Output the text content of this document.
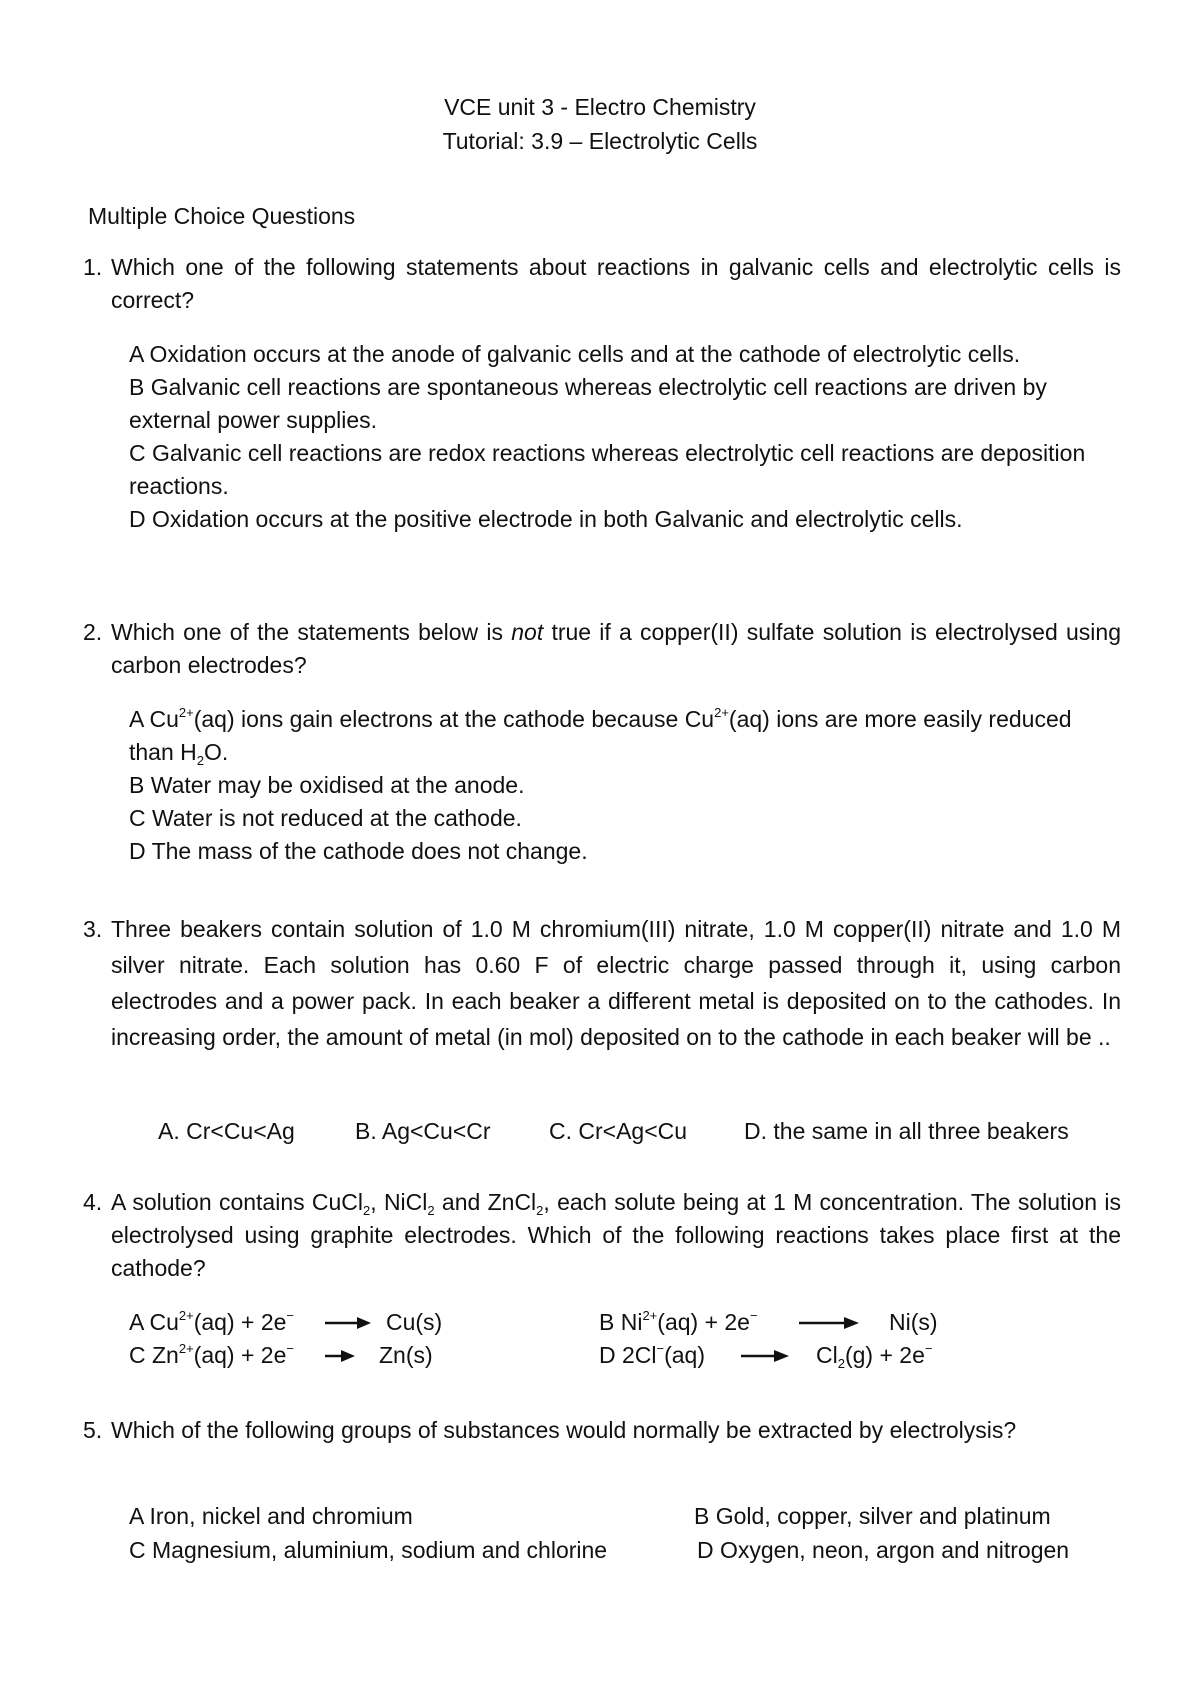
VCE unit 3 - Electro Chemistry
Tutorial: 3.9 – Electrolytic Cells
Multiple Choice Questions
1. Which one of the following statements about reactions in galvanic cells and electrolytic cells is correct?

A Oxidation occurs at the anode of galvanic cells and at the cathode of electrolytic cells.

B Galvanic cell reactions are spontaneous whereas electrolytic cell reactions are driven by external power supplies.

C Galvanic cell reactions are redox reactions whereas electrolytic cell reactions are deposition reactions.

D Oxidation occurs at the positive electrode in both Galvanic and electrolytic cells.

2. Which one of the statements below is not true if a copper(II) sulfate solution is electrolysed using carbon electrodes?

A $Cu^{2+}(aq)$ ions gain electrons at the cathode because $Cu^{2+}(aq)$ ions are more easily reduced than $H_2O$.

B Water may be oxidised at the anode.

C Water is not reduced at the cathode.

D The mass of the cathode does not change.

3. Three beakers contain solution of 1.0 M chromium(III) nitrate, 1.0 M copper(II) nitrate and 1.0 M silver nitrate. Each solution has 0.60 F of electric charge passed through it, using carbon electrodes and a power pack. In each beaker a different metal is deposited on to the cathodes. In increasing order, the amount of metal (in mol) deposited on to the cathode in each beaker will be ..
A. Cr<Cu<Ag	B. Ag<Cu<Cr	C. Cr<Ag<Cu D. the same in all three beakers
4. A solution contains CuCl$_2$, NiCl$_2$ and ZnCl$_2$, each solute being at 1 M concentration. The solution is electrolysed using graphite electrodes. Which of the following reactions takes place first at the cathode?
A $Cu^{2+}(aq) + 2e^- \to Cu(s)$	B $Ni^{2+}(aq) + 2e^- \to Ni(s)$
C $Zn^{2+}(aq) + 2e^- \to Zn(s)$	D $2Cl^-(aq) \to Cl_2(g) + 2e^-$
5. Which of the following groups of substances would normally be extracted by electrolysis?
A Iron, nickel and chromium	B Gold, copper, silver and platinum
C Magnesium, aluminium, sodium and chlorine	D Oxygen, neon, argon and nitrogen
